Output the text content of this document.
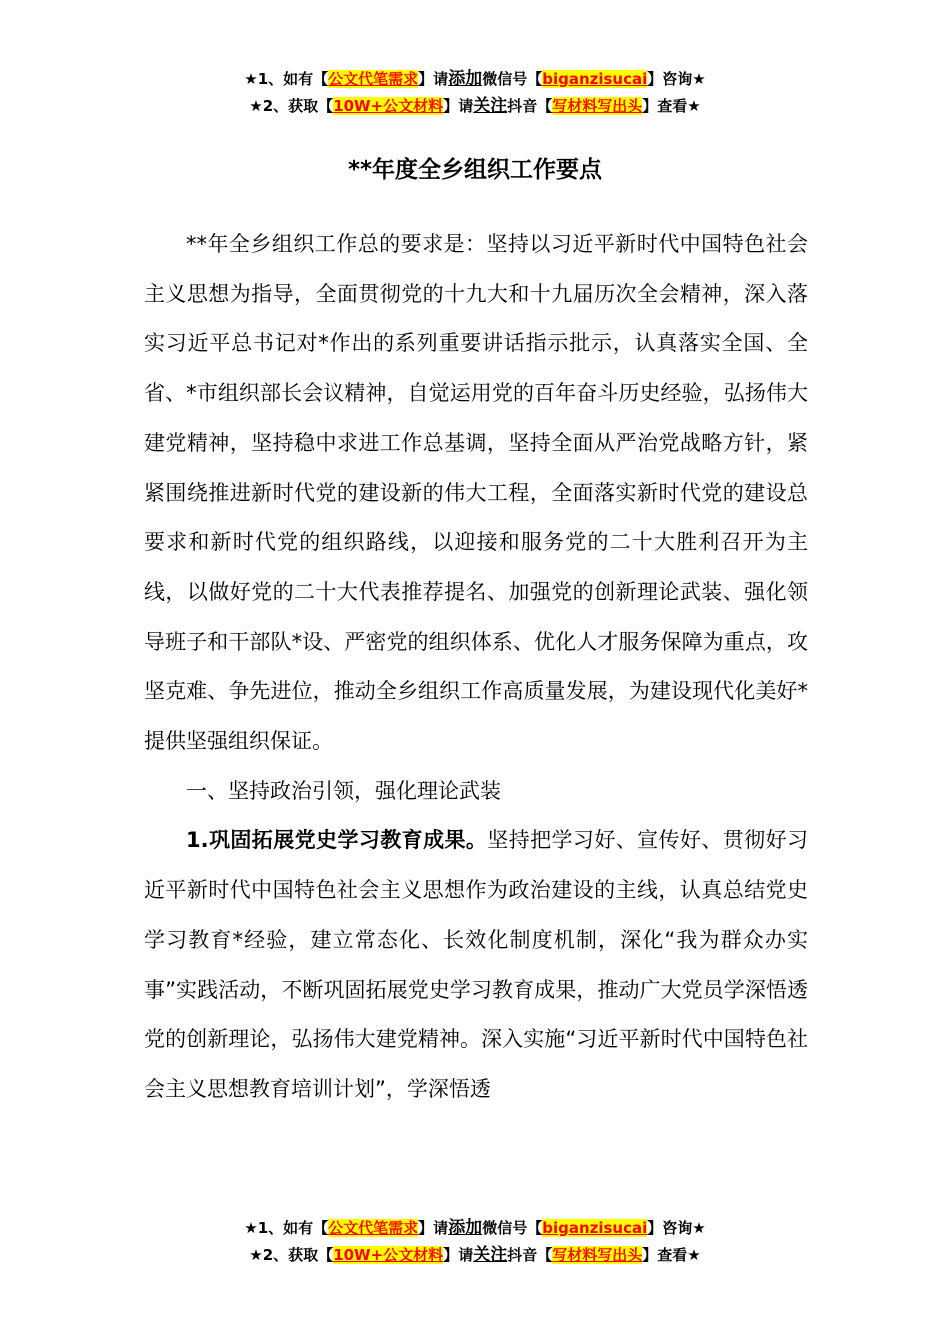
★1、如有【公文代笔需求】请添加微信号【biganzisucai】咨询★
★2、获取【10W+公文材料】请关注抖音【写材料写出头】查看★
**年度全乡组织工作要点

**年全乡组织工作总的要求是：坚持以习近平新时代中国特色社会主义思想为指导，全面贯彻党的十九大和十九届历次全会精神，深入落实习近平总书记对*作出的系列重要讲话指示批示，认真落实全国、全省、*市组织部长会议精神，自觉运用党的百年奋斗历史经验，弘扬伟大建党精神，坚持稳中求进工作总基调，坚持全面从严治党战略方针，紧紧围绕推进新时代党的建设新的伟大工程，全面落实新时代党的建设总要求和新时代党的组织路线，以迎接和服务党的二十大胜利召开为主线，以做好党的二十大代表推荐提名、加强党的创新理论武装、强化领导班子和干部队*设、严密党的组织体系、优化人才服务保障为重点，攻坚克难、争先进位，推动全乡组织工作高质量发展，为建设现代化美好*提供坚强组织保证。

一、坚持政治引领，强化理论武装

1.巩固拓展党史学习教育成果。坚持把学习好、宣传好、贯彻好习近平新时代中国特色社会主义思想作为政治建设的主线，认真总结党史学习教育*经验，建立常态化、长效化制度机制，深化“我为群众办实事”实践活动，不断巩固拓展党史学习教育成果，推动广大党员学深悟透党的创新理论，弘扬伟大建党精神。深入实施“习近平新时代中国特色社会主义思想教育培训计划”，学深悟透

★1、如有【公文代笔需求】请添加微信号【biganzisucai】咨询★
★2、获取【10W+公文材料】请关注抖音【写材料写出头】查看★
